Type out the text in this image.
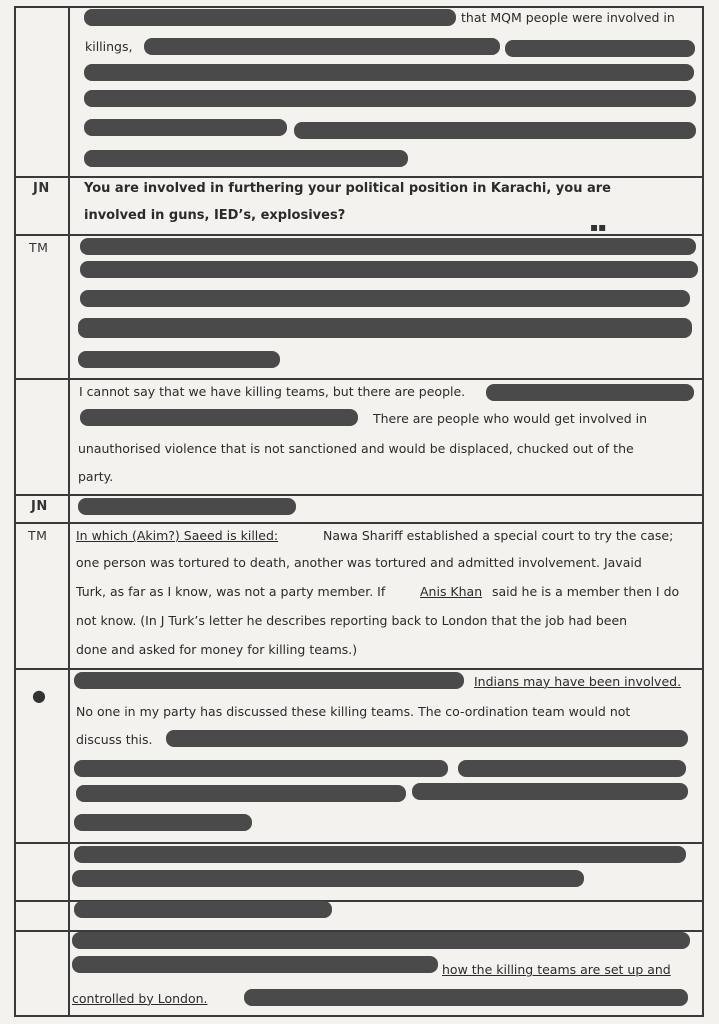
that MQM people were involved in
killings,
JN	You are involved in furthering your political position in Karachi, you are
involved in guns, IED’s, explosives?
▪▪
TM
I cannot say that we have killing teams, but there are people.
There are people who would get involved in
unauthorised violence that is not sanctioned and would be displaced, chucked out of the
party.
JN
TM In which (Akim?) Saeed is killed:	Nawa Shariff established a special court to try the case;
one person was tortured to death, another was tortured and admitted involvement. Javaid
Turk, as far as I know, was not a party member. If	Anis Khan said he is a member then I do
not know. (In J Turk’s letter he describes reporting back to London that the job had been
done and asked for money for killing teams.)
●
Indians may have been involved.
No one in my party has discussed these killing teams. The co-ordination team would not
discuss this.
how the killing teams are set up and
controlled by London.
